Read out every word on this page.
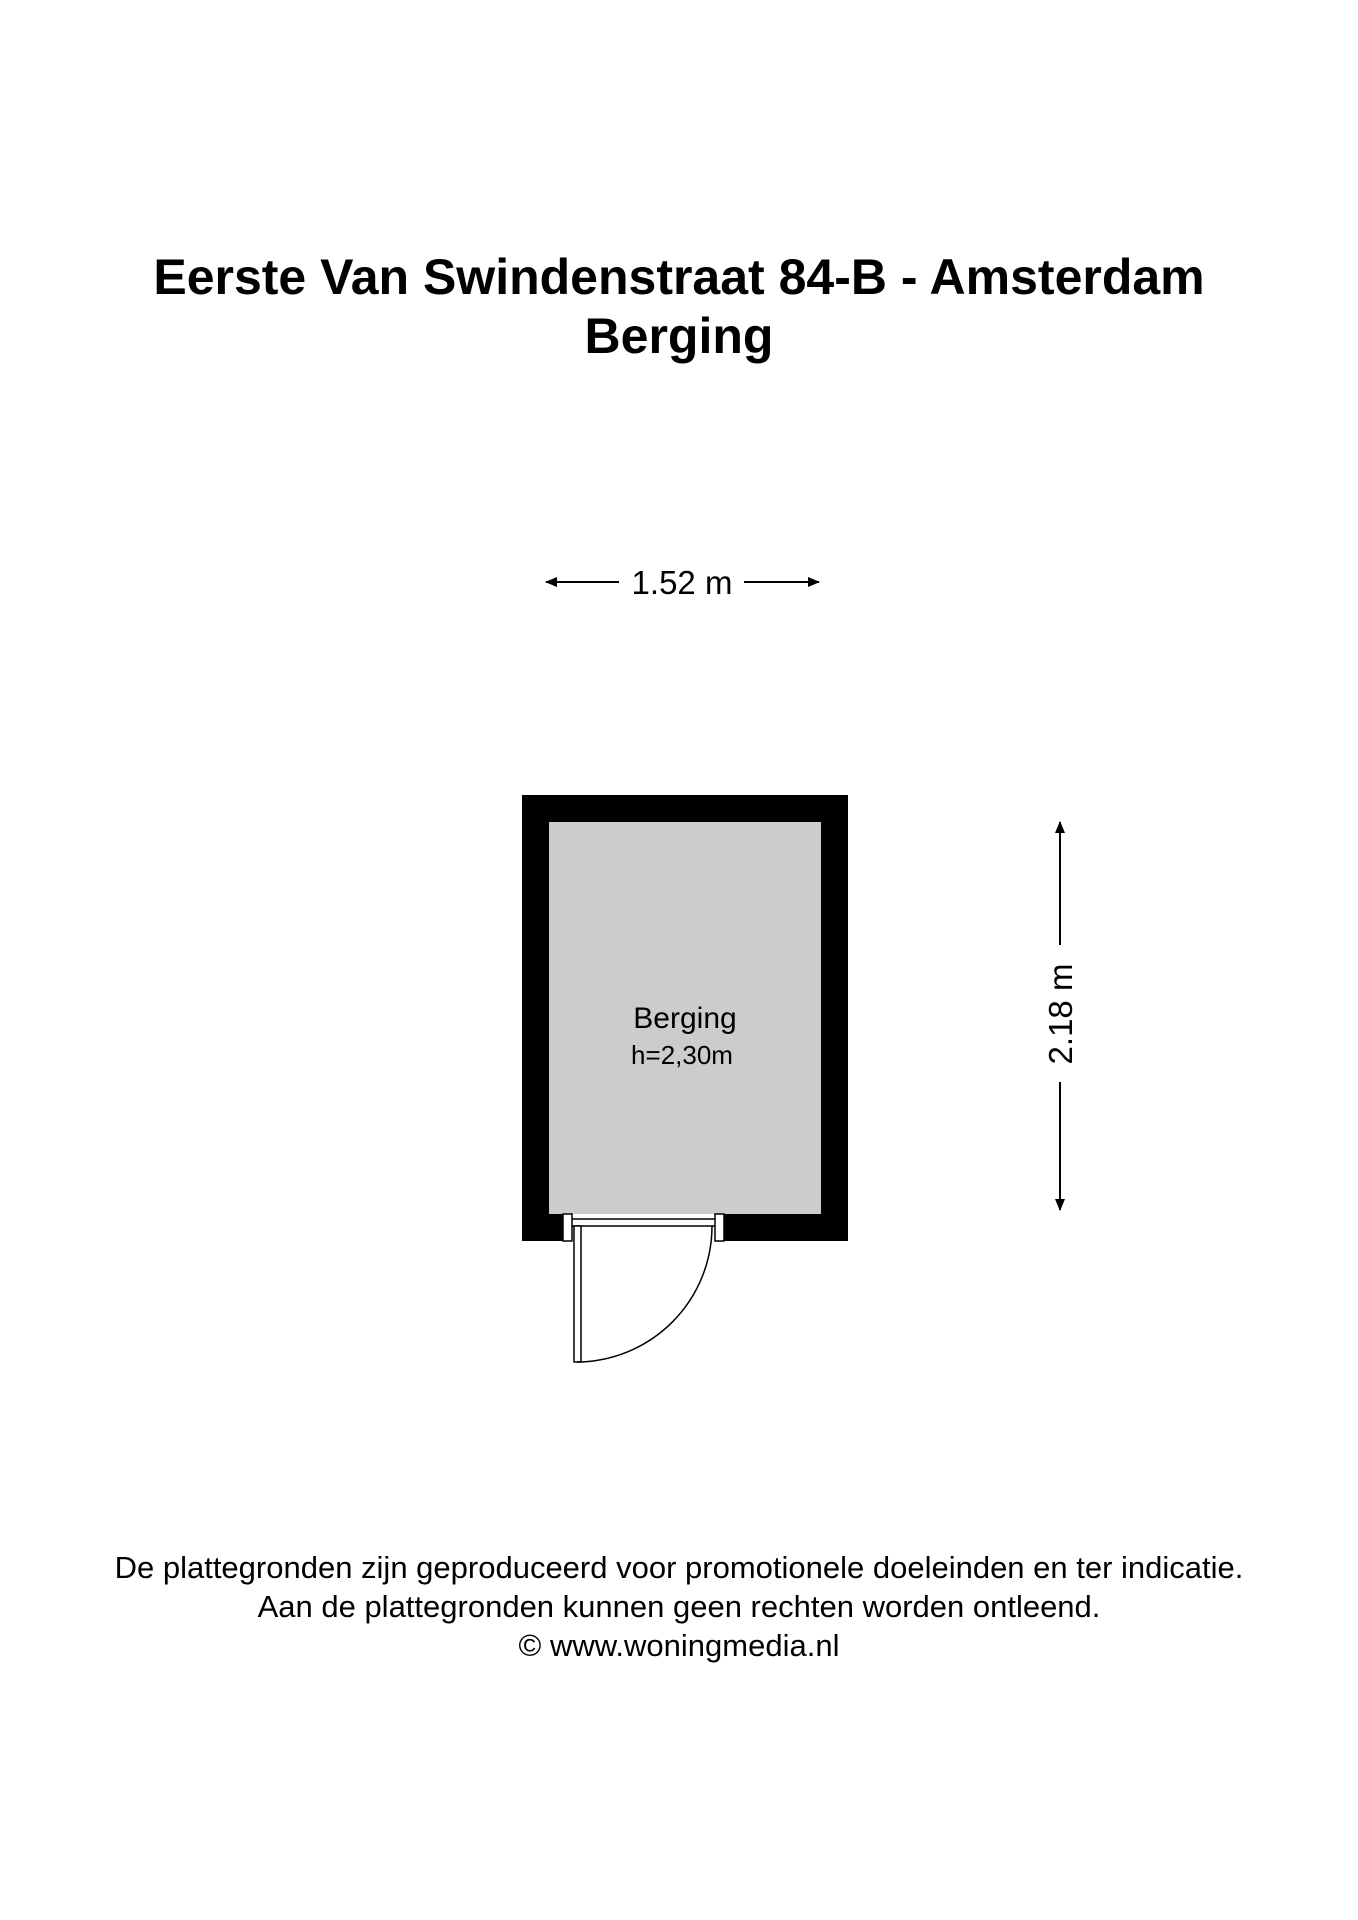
Eerste Van Swindenstraat 84-B - Amsterdam
Berging
1.52 m
2.18 m
Berging
h=2,30m
De plattegronden zijn geproduceerd voor promotionele doeleinden en ter indicatie.
Aan de plattegronden kunnen geen rechten worden ontleend.
© www.woningmedia.nl
